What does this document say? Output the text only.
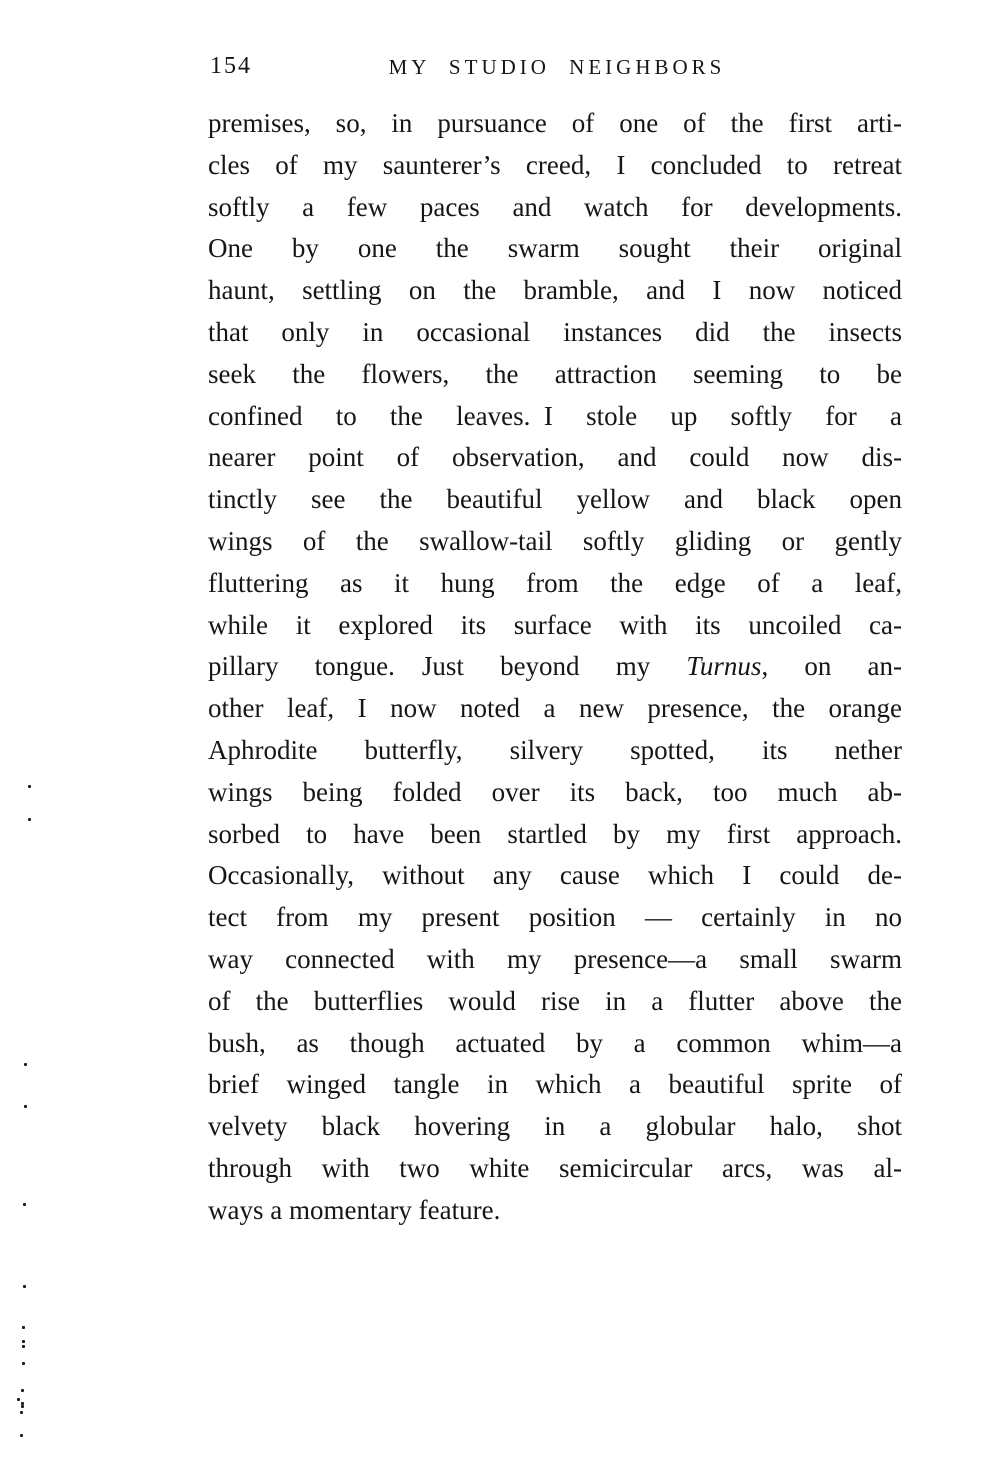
154	MY STUDIO NEIGHBORS
premises, so, in pursuance of one of the first arti-
cles of my saunterer’s creed, I concluded to retreat
softly a few paces and watch for developments.
One by one the swarm sought their original
haunt, settling on the bramble, and I now noticed
that only in occasional instances did the insects
seek the flowers, the attraction seeming to be
confined to the leaves. I stole up softly for a
nearer point of observation, and could now dis-
tinctly see the beautiful yellow and black open
wings of the swallow-tail softly gliding or gently
fluttering as it hung from the edge of a leaf,
while it explored its surface with its uncoiled ca-
pillary tongue. Just beyond my Turnus, on an-
other leaf, I now noted a new presence, the orange
Aphrodite butterfly, silvery spotted, its nether
wings being folded over its back, too much ab-
sorbed to have been startled by my first approach.
Occasionally, without any cause which I could de-
tect from my present position — certainly in no
way connected with my presence—a small swarm
of the butterflies would rise in a flutter above the
bush, as though actuated by a common whim—a
brief winged tangle in which a beautiful sprite of
velvety black hovering in a globular halo, shot
through with two white semicircular arcs, was al-
ways a momentary feature.
